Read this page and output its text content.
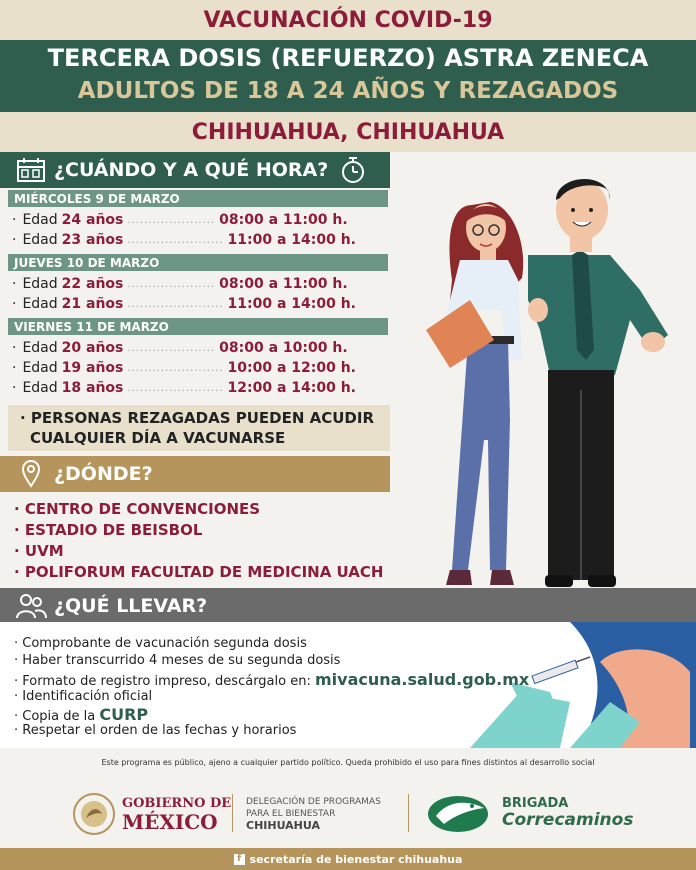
VACUNACIÓN COVID-19
TERCERA DOSIS (REFUERZO) ASTRA ZENECA
ADULTOS DE 18 A 24 AÑOS Y REZAGADOS
CHIHUAHUA, CHIHUAHUA
¿CUÁNDO Y A QUÉ HORA?
MIÉRCOLES 9 DE MARZO
· Edad 24 años ..................... 08:00 a 11:00 h.
· Edad 23 años ....................... 11:00 a 14:00 h.
JUEVES 10 DE MARZO
· Edad 22 años ..................... 08:00 a 11:00 h.
· Edad 21 años ....................... 11:00 a 14:00 h.
VIERNES 11 DE MARZO
· Edad 20 años ..................... 08:00 a 10:00 h.
· Edad 19 años ....................... 10:00 a 12:00 h.
· Edad 18 años ....................... 12:00 a 14:00 h.
· PERSONAS REZAGADAS PUEDEN ACUDIR
CUALQUIER DÍA A VACUNARSE
¿DÓNDE?
· CENTRO DE CONVENCIONES
· ESTADIO DE BEISBOL
· UVM
· POLIFORUM FACULTAD DE MEDICINA UACH
¿QUÉ LLEVAR?
· Comprobante de vacunación segunda dosis
· Haber transcurrido 4 meses de su segunda dosis
· Formato de registro impreso, descárgalo en: mivacuna.salud.gob.mx
· Identificación oficial
· Copia de la CURP
· Respetar el orden de las fechas y horarios
Este programa es público, ajeno a cualquier partido político. Queda prohibido el uso para fines distintos al desarrollo social
GOBIERNO DE
MÉXICO
DELEGACIÓN DE PROGRAMAS
PARA EL BIENESTAR
CHIHUAHUA
BRIGADA
Correcaminos
f secretaría de bienestar chihuahua
